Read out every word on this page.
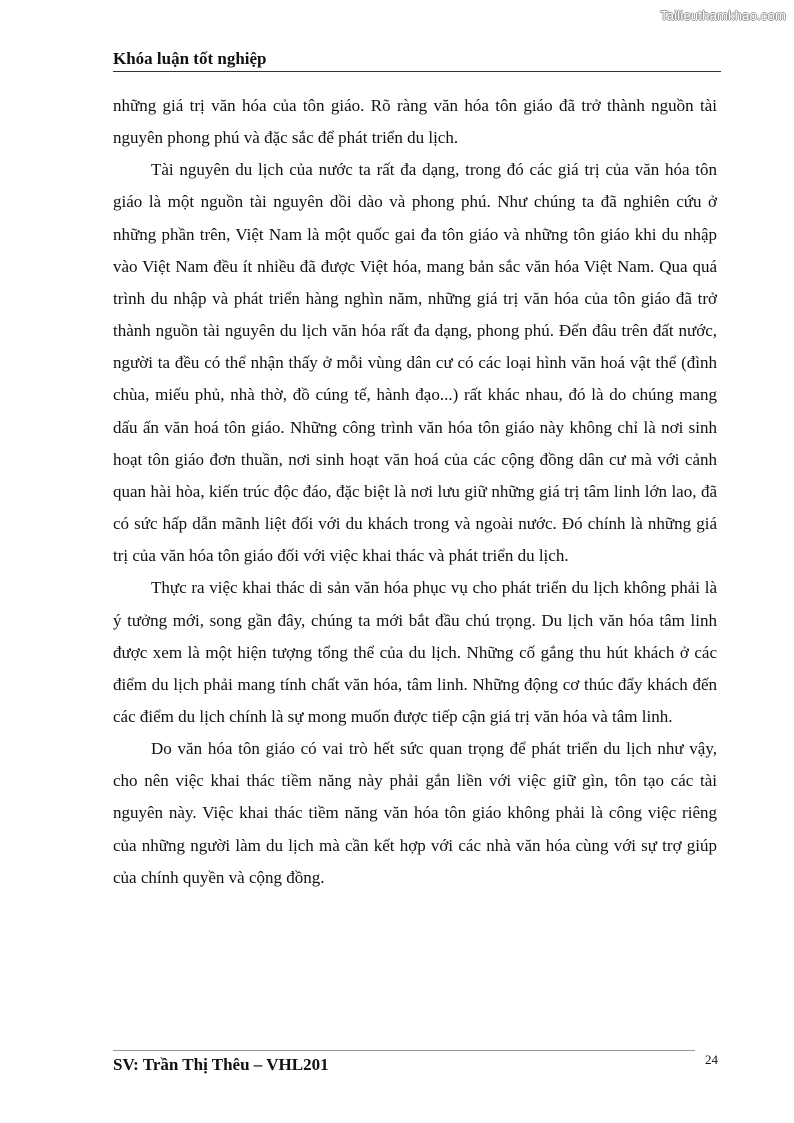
Tailieuthamkhao.com
Khóa luận tốt nghiệp

những giá trị văn hóa của tôn giáo. Rõ ràng văn hóa tôn giáo đã trở thành nguồn tài nguyên phong phú và đặc sắc để phát triển du lịch.

Tài nguyên du lịch của nước ta rất đa dạng, trong đó các giá trị của văn hóa tôn giáo là một nguồn tài nguyên dồi dào và phong phú. Như chúng ta đã nghiên cứu ở những phần trên, Việt Nam là một quốc gai đa tôn giáo và những tôn giáo khi du nhập vào Việt Nam đều ít nhiều đã được Việt hóa, mang bản sắc văn hóa Việt Nam. Qua quá trình du nhập và phát triển hàng nghìn năm, những giá trị văn hóa của tôn giáo đã trở thành nguồn tài nguyên du lịch văn hóa rất đa dạng, phong phú. Đến đâu trên đất nước, người ta đều có thể nhận thấy ở mỗi vùng dân cư có các loại hình văn hoá vật thể (đình chùa, miếu phủ, nhà thờ, đồ cúng tế, hành đạo...) rất khác nhau, đó là do chúng mang dấu ấn văn hoá tôn giáo. Những công trình văn hóa tôn giáo này không chỉ là nơi sinh hoạt tôn giáo đơn thuần, nơi sinh hoạt văn hoá của các cộng đồng dân cư mà với cảnh quan hài hòa, kiến trúc độc đáo, đặc biệt là nơi lưu giữ những giá trị tâm linh lớn lao, đã có sức hấp dẫn mãnh liệt đối với du khách trong và ngoài nước. Đó chính là những giá trị của văn hóa tôn giáo đối với việc khai thác và phát triển du lịch.

Thực ra việc khai thác di sản văn hóa phục vụ cho phát triển du lịch không phải là ý tưởng mới, song gần đây, chúng ta mới bắt đầu chú trọng. Du lịch văn hóa tâm linh được xem là một hiện tượng tổng thể của du lịch. Những cố gắng thu hút khách ở các điểm du lịch phải mang tính chất văn hóa, tâm linh. Những động cơ thúc đẩy khách đến các điểm du lịch chính là sự mong muốn được tiếp cận giá trị văn hóa và tâm linh.

Do văn hóa tôn giáo có vai trò hết sức quan trọng để phát triển du lịch như vậy, cho nên việc khai thác tiềm năng này phải gắn liền với việc giữ gìn, tôn tạo các tài nguyên này. Việc khai thác tiềm năng văn hóa tôn giáo không phải là công việc riêng của những người làm du lịch mà cần kết hợp với các nhà văn hóa cùng với sự trợ giúp của chính quyền và cộng đồng.

SV: Trần Thị Thêu – VHL201	24
